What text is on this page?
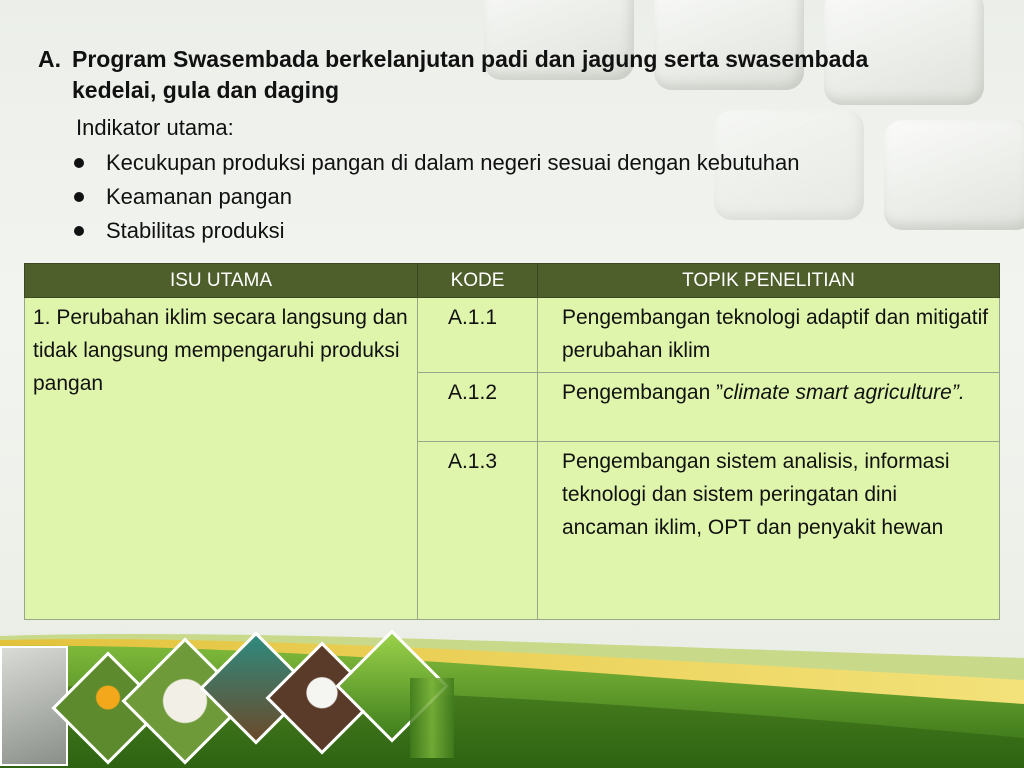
A. Program Swasembada berkelanjutan padi dan jagung serta swasembada kedelai, gula dan daging
Indikator utama:
Kecukupan produksi pangan di dalam negeri sesuai dengan kebutuhan
Keamanan pangan
Stabilitas produksi
ISU UTAMA	KODE	TOPIK PENELITIAN
1. Perubahan iklim secara langsung dan tidak langsung mempengaruhi produksi pangan	A.1.1	Pengembangan teknologi adaptif dan mitigatif perubahan iklim
	A.1.2	Pengembangan ”climate smart agriculture”.
	A.1.3	Pengembangan sistem analisis, informasi teknologi dan sistem peringatan dini ancaman iklim, OPT dan penyakit hewan
